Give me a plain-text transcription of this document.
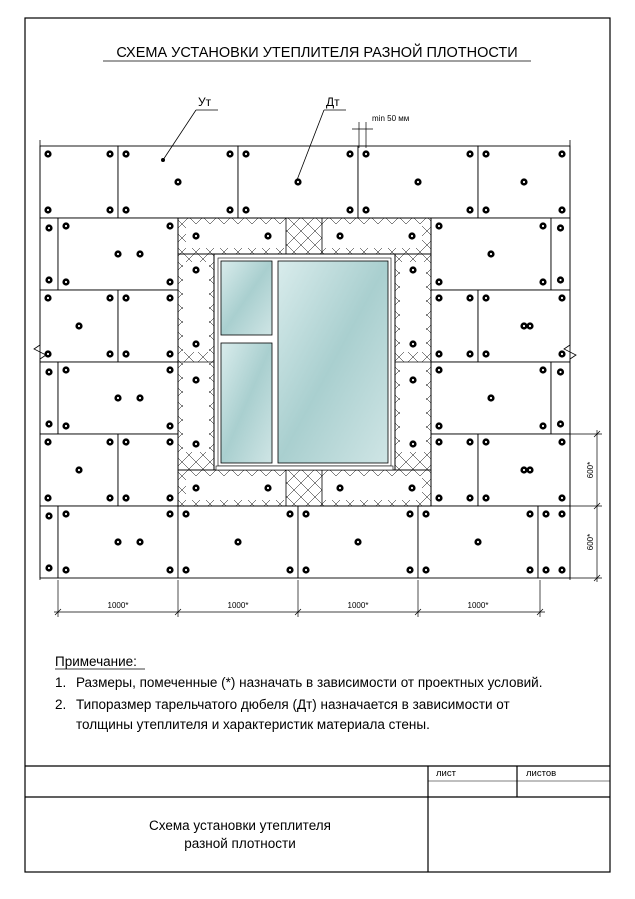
СХЕМА УСТАНОВКИ УТЕПЛИТЕЛЯ РАЗНОЙ ПЛОТНОСТИ
Ут	Дт
min 50 мм
1000*	1000*	1000*	1000*
600*
600*
Примечание:
1. Размеры, помеченные (*) назначать в зависимости от проектных условий.
2. Типоразмер тарельчатого дюбеля (Дт) назначается в зависимости от
толщины утеплителя и характеристик материала стены.
лист	листов
Схема установки утеплителя
разной плотности
